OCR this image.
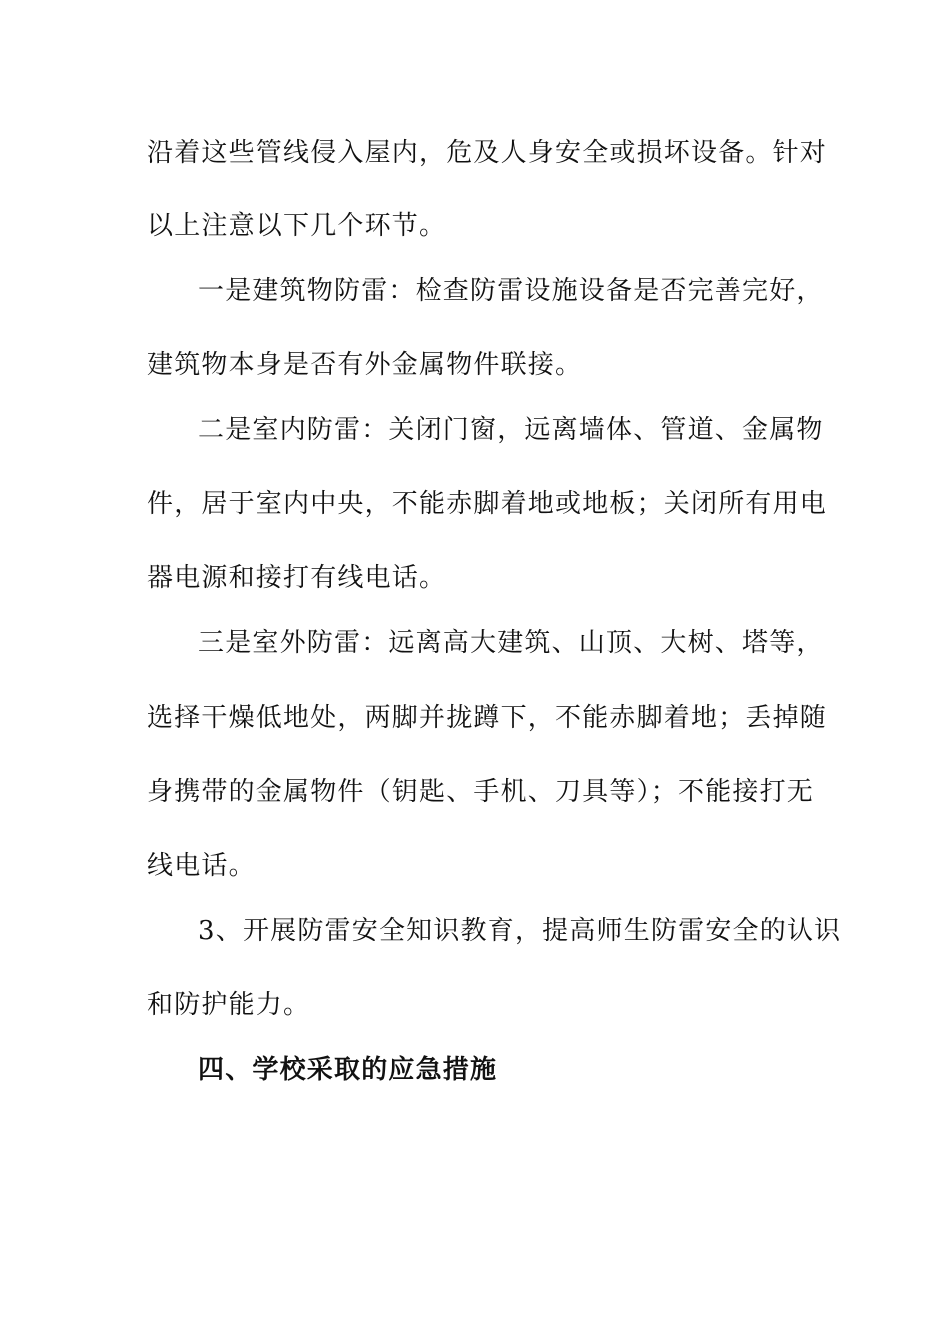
沿着这些管线侵入屋内，危及人身安全或损坏设备。针对
以上注意以下几个环节。
一是建筑物防雷：检查防雷设施设备是否完善完好，
建筑物本身是否有外金属物件联接。
二是室内防雷：关闭门窗，远离墙体、管道、金属物
件，居于室内中央，不能赤脚着地或地板；关闭所有用电
器电源和接打有线电话。
三是室外防雷：远离高大建筑、山顶、大树、塔等，
选择干燥低地处，两脚并拢蹲下，不能赤脚着地；丢掉随
身携带的金属物件（钥匙、手机、刀具等）；不能接打无
线电话。
3、开展防雷安全知识教育，提高师生防雷安全的认识
和防护能力。
四、学校采取的应急措施
